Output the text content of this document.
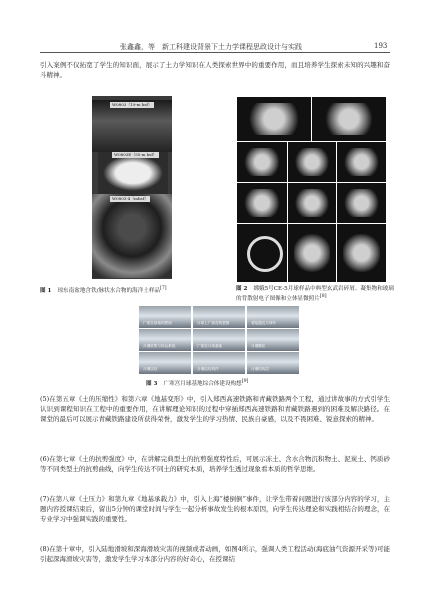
张鑫鑫，等　新工科建设背景下土力学课程思政设计与实践	193
引入案例不仅拓宽了学生的知识面，展示了土力学知识在人类探索世界中的重要作用，而且培养学生探索未知的兴趣和奋斗精神。
W0803（19-m bsf）
W0803E（55-m bsf）
W0803-4（mbsf）
图 1 琼东南盆地含铁/脉状水合物的海洋土样品[7]	图 2 嫦娥5号CE-5月球样品中典型玄武岩碎屑、凝集物和玻璃的背散射电子图像和立体显微照片[8]
广寒宫基地构想图	月球上广寒宫构想图	着陆器及月球车
月壤收集与转运系统	广寒宫月球基地	月壤颗粒
月壤烧结	月壤烧结构件	月壤结构层
图 3 广寒宫月球基地综合体建设构想[9]
(5)在第五章《土的压缩性》和第六章《地基变形》中，引入郑西高速铁路和青藏铁路两个工程，通过讲故事的方式引学生认识到课程知识在工程中的重要作用，在讲解理论知识的过程中穿插郑西高速铁路和青藏铁路遇到的困难及解决路径。在课堂的最后可以展示青藏铁路建设所获得荣誉，激发学生的学习热情、民族自豪感，以及不畏困难、锐意探索的精神。
(6)在第七章《土的抗剪强度》中，在讲解完典型土的抗剪强度特性后，可展示冻土、含水合物沉积物土、泥炭土、钙质砂等不同类型土的抗剪曲线，向学生传达不同土的研究本质，培养学生透过现象看本质的哲学思维。
(7)在第八章《土压力》和第九章《地基承载力》中，引入上海“楼倒倒”事件，让学生带着问题进行该部分内容的学习，主题内容授课结束后，留出5分钟的课堂时间与学生一起分析事故发生的根本原因，向学生传达理论和实践相结合的理念，在专业学习中强调实践的重要性。
(8)在第十章中，引入陆地滑坡和深海滑坡灾害的视频或者动画，如图4所示，强调人类工程活动(海底油气资源开采等)可能引起深海滑坡灾害等，激发学生学习本部分内容的好奇心，在授课结
